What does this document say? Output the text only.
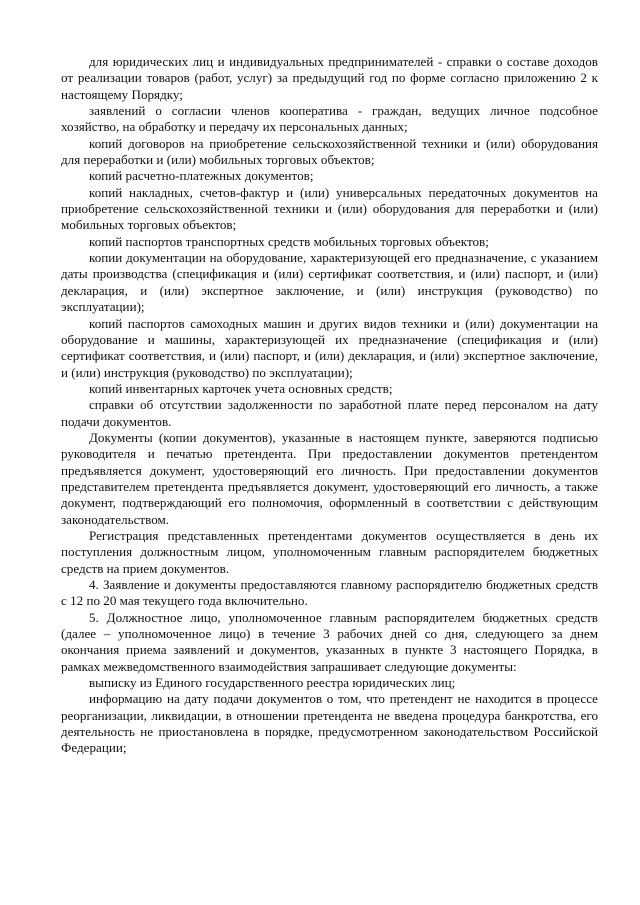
для юридических лиц и индивидуальных предпринимателей - справки о составе доходов от реализации товаров (работ, услуг) за предыдущий год по форме согласно приложению 2 к настоящему Порядку;

заявлений о согласии членов кооператива - граждан, ведущих личное подсобное хозяйство, на обработку и передачу их персональных данных;

копий договоров на приобретение сельскохозяйственной техники и (или) оборудования для переработки и (или) мобильных торговых объектов;

копий расчетно-платежных документов;

копий накладных, счетов-фактур и (или) универсальных передаточных документов на приобретение сельскохозяйственной техники и (или) оборудования для переработки и (или) мобильных торговых объектов;

копий паспортов транспортных средств мобильных торговых объектов;

копии документации на оборудование, характеризующей его предназначение, с указанием даты производства (спецификация и (или) сертификат соответствия, и (или) паспорт, и (или) декларация, и (или) экспертное заключение, и (или) инструкция (руководство) по эксплуатации);

копий паспортов самоходных машин и других видов техники и (или) документации на оборудование и машины, характеризующей их предназначение (спецификация и (или) сертификат соответствия, и (или) паспорт, и (или) декларация, и (или) экспертное заключение, и (или) инструкция (руководство) по эксплуатации);

копий инвентарных карточек учета основных средств;

справки об отсутствии задолженности по заработной плате перед персоналом на дату подачи документов.

Документы (копии документов), указанные в настоящем пункте, заверяются подписью руководителя и печатью претендента. При предоставлении документов претендентом предъявляется документ, удостоверяющий его личность. При предоставлении документов представителем претендента предъявляется документ, удостоверяющий его личность, а также документ, подтверждающий его полномочия, оформленный в соответствии с действующим законодательством.

Регистрация представленных претендентами документов осуществляется в день их поступления должностным лицом, уполномоченным главным распорядителем бюджетных средств на прием документов.

4. Заявление и документы предоставляются главному распорядителю бюджетных средств с 12 по 20 мая текущего года включительно.

5. Должностное лицо, уполномоченное главным распорядителем бюджетных средств (далее – уполномоченное лицо) в течение 3 рабочих дней со дня, следующего за днем окончания приема заявлений и документов, указанных в пункте 3 настоящего Порядка, в рамках межведомственного взаимодействия запрашивает следующие документы:

выписку из Единого государственного реестра юридических лиц;

информацию на дату подачи документов о том, что претендент не находится в процессе реорганизации, ликвидации, в отношении претендента не введена процедура банкротства, его деятельность не приостановлена в порядке, предусмотренном законодательством Российской Федерации;
